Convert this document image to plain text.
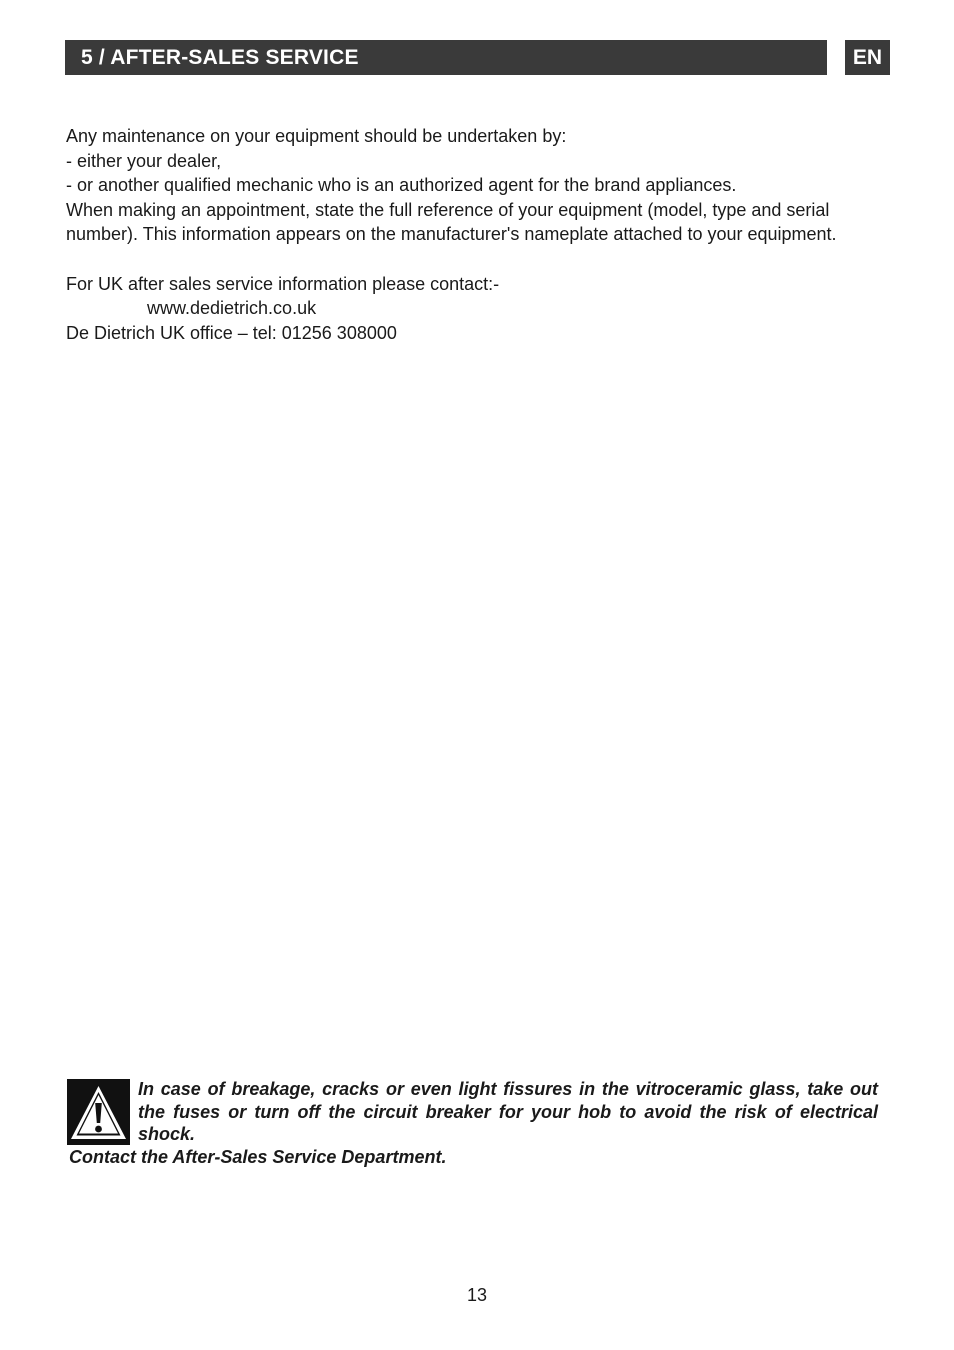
5 / AFTER-SALES SERVICE	EN

Any maintenance on your equipment should be undertaken by:

- either your dealer,

- or another qualified mechanic who is an authorized agent for the brand appliances.

When making an appointment, state the full reference of your equipment (model, type and serial number). This information appears on the manufacturer's nameplate attached to your equipment.

For UK after sales service information please contact:-

www.dedietrich.co.uk

De Dietrich UK office – tel: 01256 308000

In case of breakage, cracks or even light fissures in the vitroceramic glass, take out the fuses or turn off the circuit breaker for your hob to avoid the risk of electrical shock.
Contact the After-Sales Service Department.
13
